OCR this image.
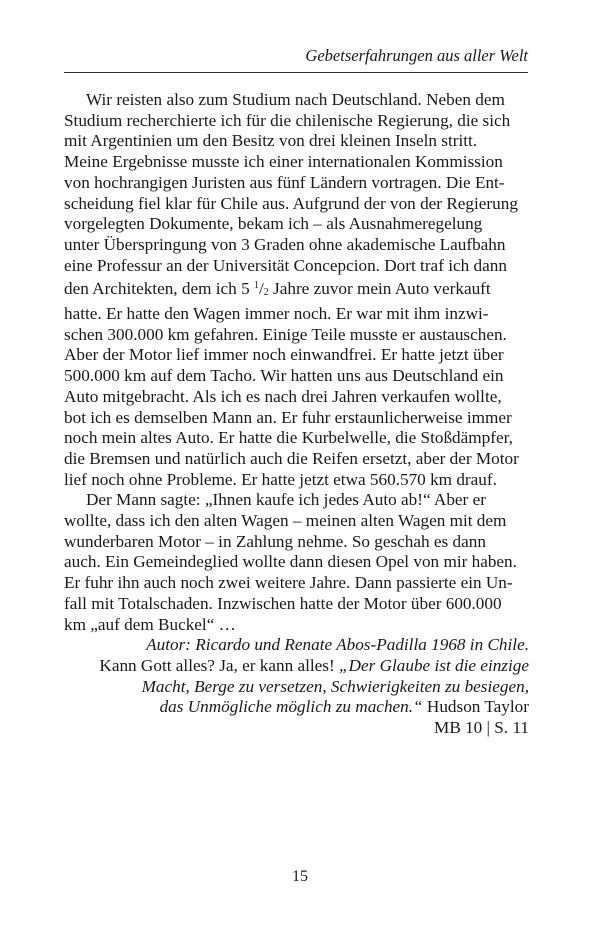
Gebetserfahrungen aus aller Welt
Wir reisten also zum Studium nach Deutschland. Neben dem
Studium recherchierte ich für die chilenische Regierung, die sich
mit Argentinien um den Besitz von drei kleinen Inseln stritt.
Meine Ergebnisse musste ich einer internationalen Kommission
von hochrangigen Juristen aus fünf Ländern vortragen. Die Ent-
scheidung fiel klar für Chile aus. Aufgrund der von der Regierung
vorgelegten Dokumente, bekam ich – als Ausnahmeregelung
unter Überspringung von 3 Graden ohne akademische Laufbahn
eine Professur an der Universität Concepcion. Dort traf ich dann
den Architekten, dem ich 5 $^1/_2$ Jahre zuvor mein Auto verkauft
hatte. Er hatte den Wagen immer noch. Er war mit ihm inzwi-
schen 300.000 km gefahren. Einige Teile musste er austauschen.
Aber der Motor lief immer noch einwandfrei. Er hatte jetzt über
500.000 km auf dem Tacho. Wir hatten uns aus Deutschland ein
Auto mitgebracht. Als ich es nach drei Jahren verkaufen wollte,
bot ich es demselben Mann an. Er fuhr erstaunlicherweise immer
noch mein altes Auto. Er hatte die Kurbelwelle, die Stoßdämpfer,
die Bremsen und natürlich auch die Reifen ersetzt, aber der Motor
lief noch ohne Probleme. Er hatte jetzt etwa 560.570 km drauf.
Der Mann sagte: „Ihnen kaufe ich jedes Auto ab!“ Aber er
wollte, dass ich den alten Wagen – meinen alten Wagen mit dem
wunderbaren Motor – in Zahlung nehme. So geschah es dann
auch. Ein Gemeindeglied wollte dann diesen Opel von mir haben.
Er fuhr ihn auch noch zwei weitere Jahre. Dann passierte ein Un-
fall mit Totalschaden. Inzwischen hatte der Motor über 600.000
km „auf dem Buckel“ …
Autor: Ricardo und Renate Abos-Padilla 1968 in Chile.
Kann Gott alles? Ja, er kann alles! „Der Glaube ist die einzige
Macht, Berge zu versetzen, Schwierigkeiten zu besiegen,
das Unmögliche möglich zu machen.“ Hudson Taylor
MB 10 | S. 11
15
